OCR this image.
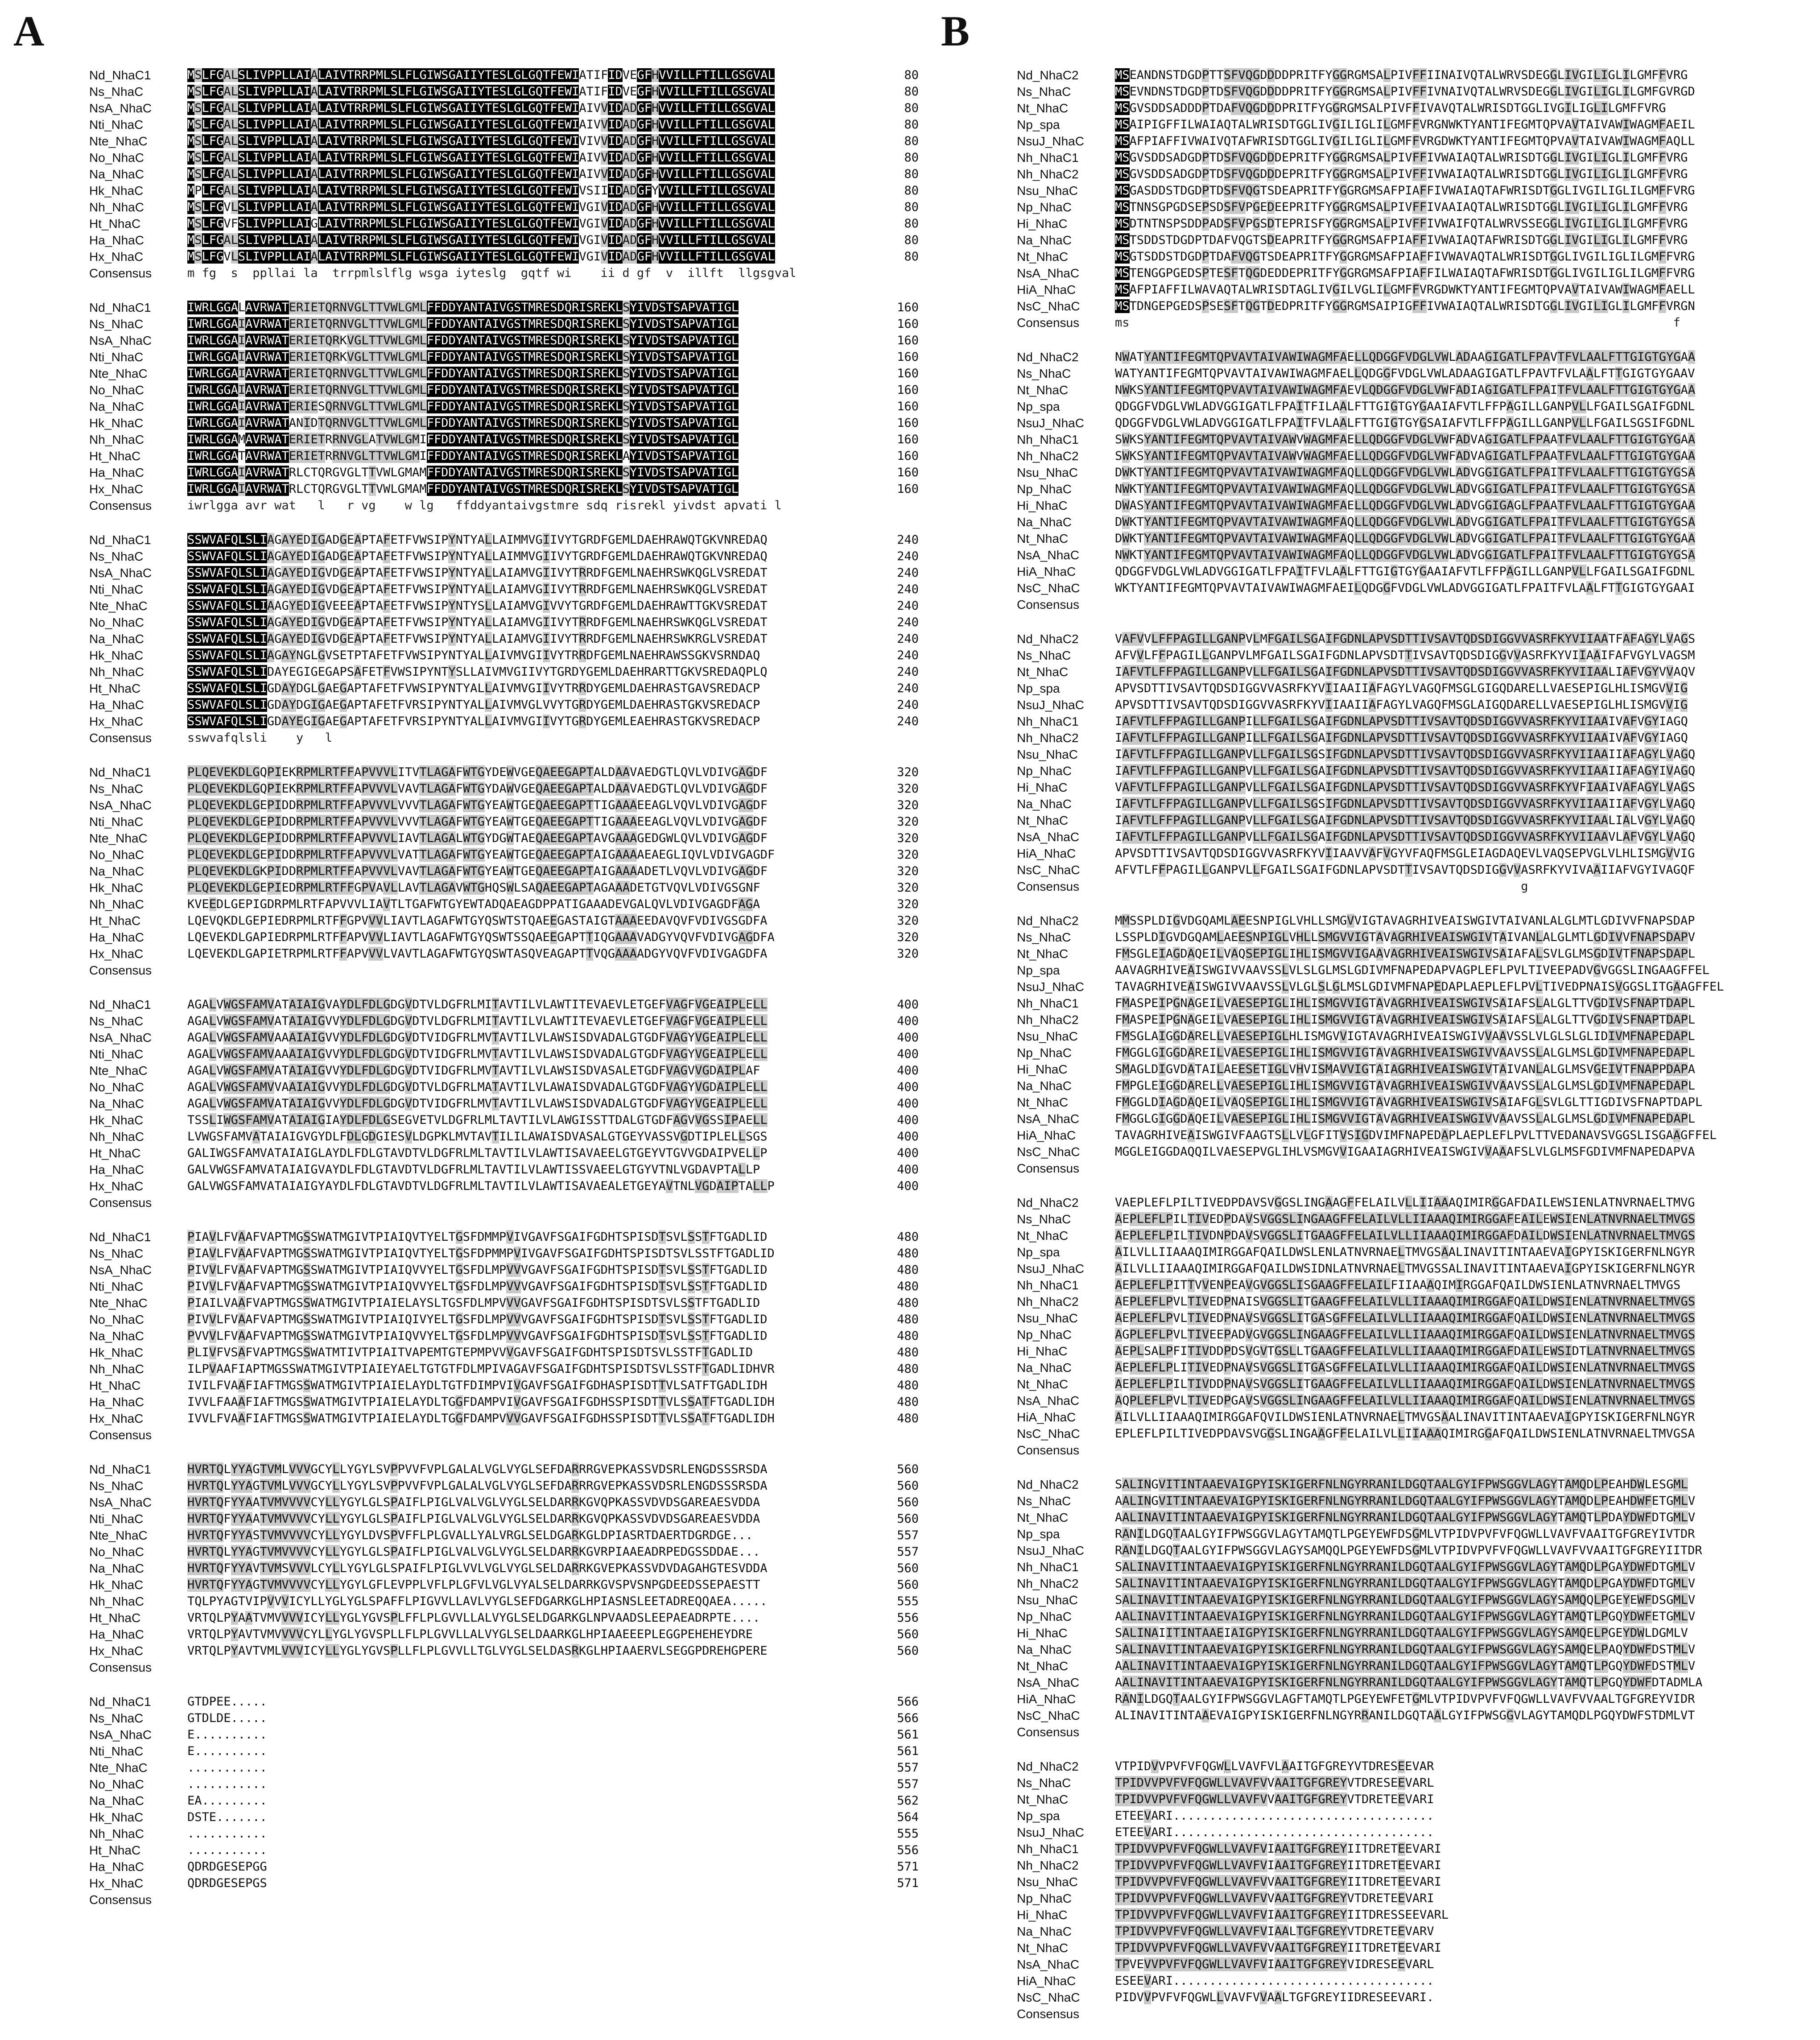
A
Nd_NhaC1	MSLFGALSLIVPPLLAIALAIVTRRPMLSLFLGIWSGAIIYTESLGLGQTFEWIATIFIDVEGFHVVILLFTILLGSGVAL	80
Ns_NhaC	MSLFGALSLIVPPLLAIALAIVTRRPMLSLFLGIWSGAIIYTESLGLGQTFEWIATIFIDVEGFHVVILLFTILLGSGVAL	80
NsA_NhaC	MSLFGALSLIVPPLLAIALAIVTRRPMLSLFLGIWSGAIIYTESLGLGQTFEWIAIVVIDADGFHVVILLFTILLGSGVAL	80
Nti_NhaC	MSLFGALSLIVPPLLAIALAIVTRRPMLSLFLGIWSGAIIYTESLGLGQTFEWIAIVVIDADGFHVVILLFTILLGSGVAL	80
Nte_NhaC	MSLFGALSLIVPPLLAIALAIVTRRPMLSLFLGIWSGAIIYTESLGLGQTFEWIVIVVIDADGFHVVILLFTILLGSGVAL	80
No_NhaC	MSLFGALSLIVPPLLAIALAIVTRRPMLSLFLGIWSGAIIYTESLGLGQTFEWIAIVVIDADGFHVVILLFTILLGSGVAL	80
Na_NhaC	MSLFGALSLIVPPLLAIALAIVTRRPMLSLFLGIWSGAIIYTESLGLGQTFEWIAIVVIDADGFHVVILLFTILLGSGVAL	80
Hk_NhaC	MPLFGALSLIVPPLLAIALAIVTRRPMLSLFLGIWSGAIIYTESLGLGQTFEWIVSIIIDADGFYVVILLFTILLGSGVAL	80
Nh_NhaC	MSLFGVLSLIVPPLLAIALAIVTRRPMLSLFLGIWSGAIIYTESLGLGQTFEWIVGIVIDADGFHVVILLFTILLGSGVAL	80
Ht_NhaC	MSLFGVFSLIVPPLLAIGLAIVTRRPMLSLFLGIWSGAIIYTESLGLGQTFEWIVGIVIDADGFHVVILLFTILLGSGVAL	80
Ha_NhaC	MSLFGALSLIVPPLLAIALAIVTRRPMLSLFLGIWSGAIIYTESLGLGQTFEWIVGIVIDADGFHVVILLFTILLGSGVAL	80
Hx_NhaC	MSLFGVLSLIVPPLLAIALAIVTRRPMLSLFLGIWSGAIIYTESLGLGQTFEWIVGIVIDADGFHVVILLFTILLGSGVAL	80
Consensus	m fg  s  ppllai la  trrpmlslflg wsga iyteslg  gqtf wi    ii d gf  v  illft  llgsgval
Nd_NhaC1	IWRLGGALAVRWATERIETQRNVGLTTVWLGMLFFDDYANTAIVGSTMRESDQRISREKLSYIVDSTSAPVATIGL	160
Ns_NhaC	IWRLGGAIAVRWATERIETQRNVGLTTVWLGMLFFDDYANTAIVGSTMRESDQRISREKLSYIVDSTSAPVATIGL	160
NsA_NhaC	IWRLGGAIAVRWATERIETQRKVGLTTVWLGMLFFDDYANTAIVGSTMRESDQRISREKLSYIVDSTSAPVATIGL	160
Nti_NhaC	IWRLGGAIAVRWATERIETQRKVGLTTVWLGMLFFDDYANTAIVGSTMRESDQRISREKLSYIVDSTSAPVATIGL	160
Nte_NhaC	IWRLGGAIAVRWATERIETQRNVGLTTVWLGMLFFDDYANTAIVGSTMRESDQRISREKLSYIVDSTSAPVATIGL	160
No_NhaC	IWRLGGAIAVRWATERIETQRNVGLTTVWLGMLFFDDYANTAIVGSTMRESDQRISREKLSYIVDSTSAPVATIGL	160
Na_NhaC	IWRLGGAIAVRWATERIESQRNVGLTTVWLGMLFFDDYANTAIVGSTMRESDQRISREKLSYIVDSTSAPVATIGL	160
Hk_NhaC	IWRLGGAIAVRWATANIDTQRNVGLTTVWLGMLFFDDYANTAIVGSTMRESDQRISREKLSYIVDSTSAPVATIGL	160
Nh_NhaC	IWRLGGAMAVRWATERIETRRNVGLATVWLGMIFFDDYANTAIVGSTMRESDQRISREKLSYIVDSTSAPVATIGL	160
Ht_NhaC	IWRLGGATAVRWATERIETRRNVGLTTVWLGMIFFDDYANTAIVGSTMRESDQRISREKLAYIVDSTSAPVATIGL	160
Ha_NhaC	IWRLGGAIAVRWATRLCTQRGVGLTTVWLGMAMFFDDYANTAIVGSTMRESDQRISREKLSYIVDSTSAPVATIGL	160
Hx_NhaC	IWRLGGAIAVRWATRLCTQRGVGLTTVWLGMAMFFDDYANTAIVGSTMRESDQRISREKLSYIVDSTSAPVATIGL	160
Consensus	iwrlgga avr wat   l   r vg    w lg   ffddyantaivgstmre sdq risrekl yivdst apvati l
Nd_NhaC1	SSWVAFQLSLIAGAYEDIGADGEAPTAFETFVWSIPYNTYALLAIMMVGIIVYTGRDFGEMLDAEHRAWQTGKVNREDAQ	240
Ns_NhaC	SSWVAFQLSLIAGAYEDIGADGEAPTAFETFVWSIPYNTYALLAIMMVGIIVYTGRDFGEMLDAEHRAWQTGKVNREDAQ	240
NsA_NhaC	SSWVAFQLSLIAGAYEDIGVDGEAPTAFETFVWSIPYNTYALLAIAMVGIIVYTRRDFGEMLNAEHRSWKQGLVSREDAT	240
Nti_NhaC	SSWVAFQLSLIAGAYEDIGVDGEAPTAFETFVWSIPYNTYALLAIAMVGIIVYTRRDFGEMLNAEHRSWKQGLVSREDAT	240
Nte_NhaC	SSWVAFQLSLIAAGYEDIGVEEEAPTAFETFVWSIPYNTYSLLAIAMVGIVVYTGRDFGEMLDAEHRAWTTGKVSREDAT	240
No_NhaC	SSWVAFQLSLIAGAYEDIGVDGEAPTAFETFVWSIPYNTYALLAIAMVGIIVYTRRDFGEMLNAEHRSWKQGLVSREDAT	240
Na_NhaC	SSWVAFQLSLIAGAYEDIGVDGEAPTAFETFVWSIPYNTYALLAIAMVGIIVYTRRDFGEMLNAEHRSWKRGLVSREDAT	240
Hk_NhaC	SSWVAFQLSLIAGAYNGLGVSETPTAFETFVWSIPYNTYALLAIVMVGIIVYTRRDFGEMLNAEHRAWSSGKVSRNDAQ	240
Nh_NhaC	SSWVAFQLSLIDAYEGIGEGAPSAFETFVWSIPYNTYSLLAIVMVGIIVYTGRDYGEMLDAEHRARTTGKVSREDAQPLQ	240
Ht_NhaC	SSWVAFQLSLIGDAYDGLGAEGAPTAFETFVWSIPYNTYALLAIVMVGIIVYTRRDYGEMLDAEHRASTGAVSREDACP	240
Ha_NhaC	SSWVAFQLSLIGDAYDGIGAEGAPTAFETFVRSIPYNTYALLAIVMVGLVVYTGRDYGEMLDAEHRASTGKVSREDACP	240
Hx_NhaC	SSWVAFQLSLIGDAYEGIGAEGAPTAFETFVRSIPYNTYALLAIVMVGIIVYTGRDYGEMLEAEHRASTGKVSREDACP	240
Consensus	sswvafqlsli    y   l
Nd_NhaC1	PLQEVEKDLGQPIEKRPMLRTFFAPVVVLITVTLAGAFWTGYDEWVGEQAEEGAPTALDAAVAEDGTLQVLVDIVGAGDF	320
Ns_NhaC	PLQEVEKDLGQPIEKRPMLRTFFAPVVVLVAVTLAGAFWTGYDAWVGEQAEEGAPTALDAAVAEDGTLQVLVDIVGAGDF	320
NsA_NhaC	PLQEVEKDLGEPIDDRPMLRTFFAPVVVLVVVTLAGAFWTGYEAWTGEQAEEGAPTTIGAAAEEAGLVQVLVDIVGAGDF	320
Nti_NhaC	PLQEVEKDLGEPIDDRPMLRTFFAPVVVLVVVTLAGAFWTGYEAWTGEQAEEGAPTTIGAAAEEAGLVQVLVDIVGAGDF	320
Nte_NhaC	PLQEVEKDLGEPIDDRPMLRTFFAPVVVLIAVTLAGALWTGYDGWTAEQAEEGAPTAVGAAAGEDGWLQVLVDIVGAGDF	320
No_NhaC	PLQEVEKDLGEPIDDRPMLRTFFAPVVVLVATTLAGAFWTGYEAWTGEQAEEGAPTAIGAAAAEAEGLIQVLVDIVGAGDF	320
Na_NhaC	PLQEVEKDLGKPIDDRPMLRTFFAPVVVLVAVTLAGAFWTGYEAWTGEQAEEGAPTAIGAAAADETLVQVLVDIVGAGDF	320
Hk_NhaC	PLQEVEKDLGEPIEDRPMLRTFFGPVAVLLAVTLAGAVWTGHQSWLSAQAEEGAPTAGAAADETGTVQVLVDIVGSGNF	320
Nh_NhaC	KVEEDLGEPIGDRPMLRTFAPVVVLIAVTLTGAFWTGYEWTADQAEAGDPPATIGAAADEVGALQVLVDIVGAGDFAGA	320
Ht_NhaC	LQEVQKDLGEPIEDRPMLRTFFGPVVVLIAVTLAGAFWTGYQSWTSTQAEEGASTAIGTAAAEEDAVQVFVDIVGSGDFA	320
Ha_NhaC	LQEVEKDLGAPIEDRPMLRTFFAPVVVLIAVTLAGAFWTGYQSWTSSQAEEGAPTTIQGAAAVADGYVQVFVDIVGAGDFA	320
Hx_NhaC	LQEVEKDLGAPIETRPMLRTFFAPVVVLVAVTLAGAFWTGYQSWTASQVEAGAPTTVQGAAAADGYVQVFVDIVGAGDFA	320
Consensus
Nd_NhaC1	AGALVWGSFAMVATAIAIGVAYDLFDLGDGVDTVLDGFRLMITAVTILVLAWTITEVAEVLETGEFVAGFVGEAIPLELL	400
Ns_NhaC	AGALVWGSFAMVATAIAIGVVYDLFDLGDGVDTVLDGFRLMITAVTILVLAWTITEVAEVLETGEFVAGFVGEAIPLELL	400
NsA_NhaC	AGALVWGSFAMVAAAIAIGVVYDLFDLGDGVDTVIDGFRLMVTAVTILVLAWSISDVADALGTGDFVAGYVGEAIPLELL	400
Nti_NhaC	AGALVWGSFAMVAAAIAIGVVYDLFDLGDGVDTVIDGFRLMVTAVTILVLAWSISDVADALGTGDFVAGYVGEAIPLELL	400
Nte_NhaC	AGALVWGSFAMVATAIAIGVVYDLFDLGDGVDTVIDGFRLMVTAVTILVLAWSISDVASALETGDFVAGVVGDAIPLAF	400
No_NhaC	AGALVWGSFAMVVAAIAIGVVYDLFDLGDGVDTVLDGFRLMATAVTILVLAWAISDVADALGTGDFVAGYVGDAIPLELL	400
Na_NhaC	AGALVWGSFAMVATAIAIGVVYDLFDLGDGVDTVIDGFRLMVTAVTILVLAWSISDVADALGTGDFVAGYVGEAIPLELL	400
Hk_NhaC	TSSLIWGSFAMVATAIAIGIAYDLFDLGSEGVETVLDGFRLMLTAVTILVLAWGISSTTDALGTGDFAGVVGSSIPAELL	400
Nh_NhaC	LVWGSFAMVATAIAIGVGYDLFDLGDGIESVLDGPKLMVTAVTILILAWAISDVASALGTGEYVASSVGDTIPLELLSGS	400
Ht_NhaC	GALIWGSFAMVATAIAIGLAYDLFDLGTAVDTVLDGFRLMLTAVTILVLAWTISAVAEELGTGEYVTGVVGDAIPVELLP	400
Ha_NhaC	GALVWGSFAMVATAIAIGVAYDLFDLGTAVDTVLDGFRLMLTAVTILVLAWTISSVAEELGTGYVTNLVGDAVPTALLP	400
Hx_NhaC	GALVWGSFAMVATAIAIGYAYDLFDLGTAVDTVLDGFRLMLTAVTILVLAWTISAVAEALETGEYAVTNLVGDAIPTALLP	400
Consensus
Nd_NhaC1	PIAVLFVAAFVAPTMGSSWATMGIVTPIAIQVTYELTGSFDMMPVIVGAVFSGAIFGDHTSPISDTSVLSSTFTGADLID	480
Ns_NhaC	PIAVLFVAAFVAPTMGSSWATMGIVTPIAIQVTYELTGSFDPMMPVIVGAVFSGAIFGDHTSPISDTSVLSSTFTGADLID	480
NsA_NhaC	PIVVLFVAAFVAPTMGSSWATMGIVTPIAIQVVYELTGSFDLMPVVVGAVFSGAIFGDHTSPISDTSVLSSTFTGADLID	480
Nti_NhaC	PIVVLFVAAFVAPTMGSSWATMGIVTPIAIQVVYELTGSFDLMPVVVGAVFSGAIFGDHTSPISDTSVLSSTFTGADLID	480
Nte_NhaC	PIAILVAAFVAPTMGSSWATMGIVTPIAIELAYSLTGSFDLMPVVVGAVFSGAIFGDHTSPISDTSVLSSTFTGADLID	480
No_NhaC	PIVVLFVAAFVAPTMGSSWATMGIVTPIAIQIVYELTGSFDLMPVVVGAVFSGAIFGDHTSPISDTSVLSSTFTGADLID	480
Na_NhaC	PVVVLFVAAFVAPTMGSSWATMGIVTPIAIQVVYELTGSFDLMPVVVGAVFSGAIFGDHTSPISDTSVLSSTFTGADLID	480
Hk_NhaC	PLIVFVSAFVAPTMGSSWATMTIVTPIAITVAPEMTGTEPMPVVVGAVFSGAIFGDHTSPISDTSVLSSTFTGADLID	480
Nh_NhaC	ILPVAAFIAPTMGSSWATMGIVTPIAIEYAELTGTGTFDLMPIVAGAVFSGAIFGDHTSPISDTSVLSSTFTGADLIDHVR	480
Ht_NhaC	IVILFVAAFIAFTMGSSWATMGIVTPIAIELAYDLTGTFDIMPVIVGAVFSGAIFGDHASPISDTTVLSATFTGADLIDH	480
Ha_NhaC	IVVLFAAAFIAFTMGSSWATMGIVTPIAIELAYDLTGGFDAMPVIVGAVFSGAIFGDHSSPISDTTVLSSATFTGADLIDH	480
Hx_NhaC	IVVLFVAAFIAFTMGSSWATMGIVTPIAIELAYDLTGGFDAMPVVVGAVFSGAIFGDHSSPISDTTVLSSATFTGADLIDH	480
Consensus
Nd_NhaC1	HVRTQLYYAGTVMLVVVGCYLLYGYLSVPPVVFVPLGALALVGLVYGLSEFDARRRGVEPKASSVDSRLENGDSSSRSDA	560
Ns_NhaC	HVRTQLYYAGTVMLVVVGCYLLYGYLSVPPVVFVPLGALALVGLVYGLSEFDARRRGVEPKASSVDSRLENGDSSSRSDA	560
NsA_NhaC	HVRTQFYYAATVMVVVVCYLLYGYLGLSPAIFLPIGLVALVGLVYGLSELDARRKGVQPKASSVDVDSGAREAESVDDA	560
Nti_NhaC	HVRTQFYYAATVMVVVVCYLLYGYLGLSPAIFLPIGLVALVGLVYGLSELDARRKGVQPKASSVDVDSGAREAESVDDA	560
Nte_NhaC	HVRTQFYYASTVMVVVVCYLLYGYLDVSPVFFLPLGVALLYALVRGLSELDGARKGLDPIASRTDAERTDGRDGE...	557
No_NhaC	HVRTQLYYAGTVMVVVVCYLLYGYLGLSPAIFLPIGLVALVGLVYGLSELDARRKGVRPIAAEADRPEDGSSDDAE...	557
Na_NhaC	HVRTQFYYAVTVMSVVVLCYLLYGYLGLSPAIFLPIGLVVLVGLVYGLSELDARRKGVEPKASSVDVDAGAHGTESVDDA	560
Hk_NhaC	HVRTQFYYAGTVMVVVVCYLLYGYLGFLEVPPLVFLPLGFVLVGLVYALSELDARRKGVSPVSNPGDEEDSSEPAESTT	560
Nh_NhaC	TQLPYAGTVIPVVVICYLLYGLYGLSPAFFLPIGVVLLAVLVYGLSEFDGARKGLHPIASNSLEETADREQQAEA.....	555
Ht_NhaC	VRTQLPYAATVMVVVVICYLLYGLYGVSPLFFLPLGVVLLALVYGLSELDGARKGLNPVAADSLEEPAEADRPTE....	556
Ha_NhaC	VRTQLPYAVTVMVVVVCYLLYGLYGVSPLLFLPLGVVLLALVYGLSELDAARKGLHPIAAEEEPLEGGPEHEHEYDRE	560
Hx_NhaC	VRTQLPYAVTVMLVVVICYLLYGLYGVSPLLFLPLGVVLLTGLVYGLSELDASRKGLHPIAAERVLSEGGPDREHGPERE	560
Consensus
Nd_NhaC1	GTDPEE.....	566
Ns_NhaC	GTDLDE.....	566
NsA_NhaC	E..........	561
Nti_NhaC	E..........	561
Nte_NhaC	...........	557
No_NhaC	...........	557
Na_NhaC	EA.........	562
Hk_NhaC	DSTE.......	564
Nh_NhaC	...........	555
Ht_NhaC	...........	556
Ha_NhaC	QDRDGESEPGG	571
Hx_NhaC	QDRDGESEPGS	571
Consensus
B
Nd_NhaC2	MSEANDNSTDGDPTTSFVQGDDDDPRITFYGGRGMSALPIVFFIINAIVQTALWRVSDEGGLIVGILIGLILGMFFVRG
Ns_NhaC	MSEVNDNSTDGDPTDSFVQGDDDDPRITFYGGRGMSALPIVFFIVNAIVQTALWRVSDEGGLIVGILIGLILGMFGVRGD
Nt_NhaC	MSGVSDDSADDDPTDAFVQGDDDPRITFYGGRGMSALPIVFFIVAVQTALWRISDTGGLIVGILIGLILGMFFVRG
Np_spa	MSAIPIGFFILWAIAQTALWRISDTGGLIVGILIGLILGMFFVRGNWKTYANTIFEGMTQPVAVTAIVAWIWAGMFAEIL
NsuJ_NhaC	MSAFPIAFFIVWAIVQTAFWRISDTGGLIVGILIGLILGMFFVRGDWKTYANTIFEGMTQPVAVTAIVAWIWAGMFAQLL
Nh_NhaC1	MSGVSDDSADGDPTDSFVQGDDDEPRITFYGGRGMSALPIVFFIVWAIAQTALWRISDTGGLIVGILIGLILGMFFVRG
Nh_NhaC2	MSGVSDDSADGDPTDSFVQGDDDEPRITFYGGRGMSALPIVFFIVWAIAQTALWRISDTGGLIVGILIGLILGMFFVRG
Nsu_NhaC	MSGASDDSTDGDPTDSFVQGTSDEAPRITFYGGRGMSAFPIAFFIVWAIAQTAFWRISDTGGLIVGILIGLILGMFFVRG
Np_NhaC	MSTNNSGPGDSEPSDSFVPGEDEEPRITFYGGRGMSALPIVFFIVAAIAQTALWRISDTGGLIVGILIGLILGMFFVRG
Hi_NhaC	MSDTNTNSPSDDPADSFVPGSDTEPRISFYGGRGMSALPIVFFIVWAIFQTALWRVSSEGGLIVGILIGLILGMFFVRG
Na_NhaC	MSTSDDSTDGDPTDAFVQGTSDEAPRITFYGGRGMSAFPIAFFIVWAIAQTAFWRISDTGGLIVGILIGLILGMFFVRG
Nt_NhaC	MSGTSDDSTDGDPTDAFVQGTSDEAPRITFYGGRGMSAFPIAFFIVWAVAQTALWRISDTGGLIVGILIGLILGMFFVRG
NsA_NhaC	MSTENGGPGEDSPTESFTQGDEDDEPRITFYGGRGMSAFPIAFFILWAIAQTAFWRISDTGGLIVGILIGLILGMFFVRG
HiA_NhaC	MSAFPIAFFILWAVAQTALWRISDTAGLIVGILVGLILGMFFVRGDWKTYANTIFEGMTQPVAVTAIVAWIWAGMFAELL
NsC_NhaC	MSTDNGEPGEDSPSESFTQGTDEDPRITFYGGRGMSAIPIGFFIVWAIAQTALWRISDTGGLIVGILIGLILGMFFVRGN
Consensus	ms                                                                           f
Nd_NhaC2	NWATYANTIFEGMTQPVAVTAIVAWIWAGMFAELLQDGGFVDGLVWLADAAGIGATLFPAVTFVLAALFTTGIGTGYGAA
Ns_NhaC	WATYANTIFEGMTQPVAVTAIVAWIWAGMFAELLQDGGFVDGLVWLADAAGIGATLFPAVTFVLAALFTTGIGTGYGAAV
Nt_NhaC	NWKSYANTIFEGMTQPVAVTAIVAWIWAGMFAEVLQDGGFVDGLVWFADIAGIGATLFPAITFVLAALFTTGIGTGYGAA
Np_spa	QDGGFVDGLVWLADVGGIGATLFPAITFILAALFTTGIGTGYGAAIAFVTLFFPAGILLGANPVLLFGAILSGAIFGDNL
NsuJ_NhaC	QDGGFVDGLVWLADVGGIGATLFPAITFVLAALFTTGIGTGYGSAIAFVTLFFPAGILLGANPVLLFGAILSGSIFGDNL
Nh_NhaC1	SWKSYANTIFEGMTQPVAVTAIVAWVWAGMFAELLQDGGFVDGLVWFADVAGIGATLFPAATFVLAALFTTGIGTGYGAA
Nh_NhaC2	SWKSYANTIFEGMTQPVAVTAIVAWVWAGMFAELLQDGGFVDGLVWFADVAGIGATLFPAATFVLAALFTTGIGTGYGAA
Nsu_NhaC	DWKTYANTIFEGMTQPVAVTAIVAWIWAGMFAQLLQDGGFVDGLVWLADVGGIGATLFPAITFVLAALFTTGIGTGYGSA
Np_NhaC	NWKTYANTIFEGMTQPVAVTAIVAWIWAGMFAQLLQDGGFVDGLVWLADVGGIGATLFPAITFVLAALFTTGIGTGYGSA
Hi_NhaC	DWASYANTIFEGMTQPVAVTAIVAWIWAGMFAELLQDGGFVDGLVWLADVGGIGAGLFPAATFVLAALFTTGIGTGYGAA
Na_NhaC	DWKTYANTIFEGMTQPVAVTAIVAWIWAGMFAQLLQDGGFVDGLVWLADVGGIGATLFPAITFVLAALFTTGIGTGYGSA
Nt_NhaC	DWKTYANTIFEGMTQPVAVTAIVAWIWAGMFAQLLQDGGFVDGLVWLADVGGIGATLFPAITFVLAALFTTGIGTGYGAA
NsA_NhaC	NWKTYANTIFEGMTQPVAVTAIVAWIWAGMFAQLLQDGGFVDGLVWLADVGGIGATLFPAITFVLAALFTTGIGTGYGSA
HiA_NhaC	QDGGFVDGLVWLADVGGIGATLFPAITFVLAALFTTGIGTGYGAAIAFVTLFFPAGILLGANPVLLFGAILSGAIFGDNL
NsC_NhaC	WKTYANTIFEGMTQPVAVTAIVAWIWAGMFAEILQDGGFVDGLVWLADVGGIGATLFPAITFVLAALFTTGIGTGYGAAI
Consensus
Nd_NhaC2	VAFVVLFFPAGILLGANPVLMFGAILSGAIFGDNLAPVSDTTIVSAVTQDSDIGGVVASRFKYVIIAATFAFAGYLVAGS
Ns_NhaC	AFVVLFFPAGILLGANPVLMFGAILSGAIFGDNLAPVSDTTIVSAVTQDSDIGGVVASRFKYVIIAAIFAFVGYLVAGSM
Nt_NhaC	IAFVTLFFPAGILLGANPVLLFGAILSGAIFGDNLAPVSDTTIVSAVTQDSDIGGVVASRFKYVIIAALIAFVGYVVAQV
Np_spa	APVSDTTIVSAVTQDSDIGGVVASRFKYVIIAAIIAFAGYLVAGQFMSGLGIGQDARELLVAESEPIGLHLISMGVVIG
NsuJ_NhaC	APVSDTTIVSAVTQDSDIGGVVASRFKYVIIAAIIAFAGYLVAGQFMSGLAIGQDARELLVAESEPIGLHLISMGVVIG
Nh_NhaC1	IAFVTLFFPAGILLGANPILLFGAILSGAIFGDNLAPVSDTTIVSAVTQDSDIGGVVASRFKYVIIAAIVAFVGYIAGQ
Nh_NhaC2	IAFVTLFFPAGILLGANPILLFGAILSGAIFGDNLAPVSDTTIVSAVTQDSDIGGVVASRFKYVIIAAIVAFVGYIAGQ
Nsu_NhaC	IAFVTLFFPAGILLGANPVLLFGAILSGSIFGDNLAPVSDTTIVSAVTQDSDIGGVVASRFKYVIIAAIIAFAGYLVAGQ
Np_NhaC	IAFVTLFFPAGILLGANPVLLFGAILSGAIFGDNLAPVSDTTIVSAVTQDSDIGGVVASRFKYVIIAAIIAFAGYIVAGQ
Hi_NhaC	VAFVTLFFPAGILLGANPVLLFGAILSGAIFGDNLAPVSDTTIVSAVTQDSDIGGVVASRFKYVFIAAIVAFAGYLVAGS
Na_NhaC	IAFVTLFFPAGILLGANPVLLFGAILSGSIFGDNLAPVSDTTIVSAVTQDSDIGGVVASRFKYVIIAAIIAFVGYLVAGQ
Nt_NhaC	IAFVTLFFPAGILLGANPVLLFGAILSGAIFGDNLAPVSDTTIVSAVTQDSDIGGVVASRFKYVIIAALIALVGYLVAGQ
NsA_NhaC	IAFVTLFFPAGILLGANPVLLFGAILSGAIFGDNLAPVSDTTIVSAVTQDSDIGGVVASRFKYVIIAAVLAFVGYLVAGQ
HiA_NhaC	APVSDTTIVSAVTQDSDIGGVVASRFKYVIIAAVVAFVGYVFAQFMSGLEIAGDAQEVLVAQSEPVGLVLHLISMGVVIG
NsC_NhaC	AFVTLFFPAGILLGANPVLLFGAILSGAIFGDNLAPVSDTTIVSAVTQDSDIGGVVASRFKYVIVAAIIAFVGYIVAGQF
Consensus	g
Nd_NhaC2	MMSSPLDIGVDGQAMLAEESNPIGLVHLLSMGVVIGTAVAGRHIVEAISWGIVTAIVANLALGLMTLGDIVVFNAPSDAP
Ns_NhaC	LSSPLDIGVDGQAMLAEESNPIGLVHLLSMGVVIGTAVAGRHIVEAISWGIVTAIVANLALGLMTLGDIVVFNAPSDAPV
Nt_NhaC	FMSGLEIAGDAQEILVAQSEPIGLIHLISMGVVIGAAVAGRHIVEAISWGIVSAIAFALSVLGLMSGDIVTFNAPSDAPL
Np_spa	AAVAGRHIVEAISWGIVVAAVSSLVLSLGLMSLGDIVMFNAPEDAPVAGPLEFLPVLTIVEEPADVGVGGSLINGAAGFFEL
NsuJ_NhaC	TAVAGRHIVEAISWGIVVAAVSSLVLGLSLGLMSLGDIVMFNAPEDAPLAEPLEFLPVLTIVEDPNAISVGGSLITGAAGFFEL
Nh_NhaC1	FMASPEIPGNAGEILVAESEPIGLIHLISMGVVIGTAVAGRHIVEAISWGIVSAIAFSLALGLTTVGDIVSFNAPTDAPL
Nh_NhaC2	FMASPEIPGNAGEILVAESEPIGLIHLISMGVVIGTAVAGRHIVEAISWGIVSAIAFSLALGLTTVGDIVSFNAPTDAPL
Nsu_NhaC	FMSGLAIGGDARELLVAESEPIGLHLISMGVVIGTAVAGRHIVEAISWGIVVAAVSSLVLGLSLGLIDIVMFNAPEDAPL
Np_NhaC	FMGGLGIGGDAREILVAESEPIGLIHLISMGVVIGTAVAGRHIVEAISWGIVVAAVSSLALGLMSLGDIVMFNAPEDAPL
Hi_NhaC	SMAGLDIGVDATAILAEESETIGLVHVISMAVVIGTAIAGRHIVEAISWGIVTAIVANLALGLMSVGEIVTFNAPPDAPA
Na_NhaC	FMPGLEIGGDARELLVAESEPIGLIHLISMGVVIGTAVAGRHIVEAISWGIVVAAVSSLALGLMSLGDIVMFNAPEDAPL
Nt_NhaC	FMGGLDIAGDAQEILVAQSEPIGLIHLISMGVVIGTAVAGRHIVEAISWGIVSAIAFGLSVLGLTTIGDIVSFNAPTDAPL
NsA_NhaC	FMGGLGIGGDAQEILVAESEPIGLIHLISMGVVIGTAVAGRHIVEAISWGIVVAAVSSLALGLMSLGDIVMFNAPEDAPL
HiA_NhaC	TAVAGRHIVEAISWGIVFAAGTSLLVLGFITVSIGDVIMFNAPEDAPLAEPLEFLPVLTTVEDANAVSVGGSLISGAAGFFEL
NsC_NhaC	MGGLEIGGDAQQILVAESEPVGLIHLVSMGVVIGAAIAGRHIVEAISWGIVVAAAFSLVLGLMSFGDIVMFNAPEDAPVA
Consensus
Nd_NhaC2	VAEPLEFLPILTIVEDPDAVSVGGSLINGAAGFFELAILVLLIIAAAQIMIRGGAFDAILEWSIENLATNVRNAELTMVG
Ns_NhaC	AEPLEFLPILTIVEDPDAVSVGGSLINGAAGFFELAILVLLIIAAAQIMIRGGAFEAILEWSIENLATNVRNAELTMVGS
Nt_NhaC	AEPLEFLPILTIVDNPDAVSVGGSLITGAAGFFELAILVLLIIAAAQIMIRGGAFDAILDWSIENLATNVRNAELTMVGS
Np_spa	AILVLLIIAAAQIMIRGGAFQAILDWSLENLATNVRNAELTMVGSAALINAVITINTAAEVAIGPYISKIGERFNLNGYR
NsuJ_NhaC	AILVLLIIAAAQIMIRGGAFQAILDWSIDNLATNVRNAELTMVGSSALINAVITINTAAEVAIGPYISKIGERFNLNGYR
Nh_NhaC1	AEPLEFLPITTVVENPEAVGVGGSLISGAAGFFELAILFIIAAAQIMIRGGAFQAILDWSIENLATNVRNAELTMVGS
Nh_NhaC2	AEPLEFLPVLTIVEDPNAISVGGSLITGAAGFFELAILVLLIIAAAQIMIRGGAFQAILDWSIENLATNVRNAELTMVGS
Nsu_NhaC	AEPLEFLPVLTIVEDPNAVSVGGSLITGASGFFELAILVLLIIAAAQIMIRGGAFQAILDWSIENLATNVRNAELTMVGS
Np_NhaC	AGPLEFLPVLTIVEEPADVGVGGSLINGAAGFFELAILVLLIIAAAQIMIRGGAFQAILDWSIENLATNVRNAELTMVGS
Hi_NhaC	AEPLSALPFITIVDDPDSVGVTGSLLTGAAGFFELAILVLLIIAAAQIMIRGGAFDAILEWSIDTLATNVRNAELTMVGS
Na_NhaC	AEPLEFLPLITIVEDPNAVSVGGSLITGASGFFELAILVLLIIAAAQIMIRGGAFQAILDWSIENLATNVRNAELTMVGS
Nt_NhaC	AEPLEFLPILTIVDDPNAVSVGGSLITGAAGFFELAILVLLIIAAAQIMIRGGAFQAILDWSIENLATNVRNAELTMVGS
NsA_NhaC	AQPLEFLPVLTIVEDPGAVSVGGSLINGAAGFFELAILVLLIIAAAQIMIRGGAFQAILDWSIENLATNVRNAELTMVGS
HiA_NhaC	AILVLLIIAAAQIMIRGGAFQVILDWSIENLATNVRNAELTMVGSAALINAVITINTAAEVAIGPYISKIGERFNLNGYR
NsC_NhaC	EPLEFLPILTIVEDPDAVSVGGSLINGAAGFFELAILVLLIIAAAQIMIRGGAFQAILDWSIENLATNVRNAELTMVGSA
Consensus
Nd_NhaC2	SALINGVITINTAAEVAIGPYISKIGERFNLNGYRRANILDGQTAALGYIFPWSGGVLAGYTAMQDLPEAHDWLESGML
Ns_NhaC	AALINGVITINTAAEVAIGPYISKIGERFNLNGYRRANILDGQTAALGYIFPWSGGVLAGYTAMQDLPEAHDWFETGMLV
Nt_NhaC	AALINAVITINTAAEVAIGPYISKIGERFNLNGYRRANILDGQTAALGYIFPWSGGVLAGYTAMQTLPDAYDWFDTGMLV
Np_spa	RANILDGQTAALGYIFPWSGGVLAGYTAMQTLPGEYEWFDSGMLVTPIDVPVFVFQGWLLVAVFVAAITGFGREYIVTDR
NsuJ_NhaC	RANILDGQTAALGYIFPWSGGVLAGYSAMQQLPGEYEWFDSGMLVTPIDVPVFVFQGWLLVAVFVVAAITGFGREYIITDR
Nh_NhaC1	SALINAVITINTAAEVAIGPYISKIGERFNLNGYRRANILDGQTAALGYIFPWSGGVLAGYTAMQDLPGAYDWFDTGMLV
Nh_NhaC2	SALINAVITINTAAEVAIGPYISKIGERFNLNGYRRANILDGQTAALGYIFPWSGGVLAGYTAMQDLPGAYDWFDTGMLV
Nsu_NhaC	SALINAVITINTAAEVAIGPYISKIGERFNLNGYRRANILDGQTAALGYIFPWSGGVLAGYSAMQQLPGEYEWFDSGMLV
Np_NhaC	AALINAVITINTAAEVAIGPYISKIGERFNLNGYRRANILDGQTAALGYIFPWSGGVLAGYTAMQTLPGQYDWFETGMLV
Hi_NhaC	SALINAIITINTAAEIAIGPYISKIGERFNLNGYRRANILDGQTAALGYIFPWSGGVLAGYSAMQELPGEYDWLDGMLV
Na_NhaC	SALINAVITINTAAEVAIGPYISKIGERFNLNGYRRANILDGQTAALGYIFPWSGGVLAGYSAMQELPAQYDWFDSTMLV
Nt_NhaC	AALINAVITINTAAEVAIGPYISKIGERFNLNGYRRANILDGQTAALGYIFPWSGGVLAGYTAMQTLPGQYDWFDSTMLV
NsA_NhaC	AALINAVITINTAAEVAIGPYISKIGERFNLNGYRRANILDGQTAALGYIFPWSGGVLAGYTAMQTLPGQYDWFDTADMLA
HiA_NhaC	RANILDGQTAALGYIFPWSGGVLAGFTAMQTLPGEYEWFETGMLVTPIDVPVFVFQGWLLVAVFVVAALTGFGREYVIDR
NsC_NhaC	ALINAVITINTAAEVAIGPYISKIGERFNLNGYRRANILDGQTAALGYIFPWSGGVLAGYTAMQDLPGQYDWFSTDMLVT
Consensus
Nd_NhaC2	VTPIDVVPVFVFQGWLLVAVFVLAAITGFGREYVTDRESEEVAR
Ns_NhaC	TPIDVVPVFVFQGWLLVAVFVVAAITGFGREYVTDRESEEVARL
Nt_NhaC	TPIDVVPVFVFQGWLLVAVFVVAAITGFGREYVTDRETEEVARI
Np_spa	ETEEVARI....................................
NsuJ_NhaC	ETEEVARI....................................
Nh_NhaC1	TPIDVVPVFVFQGWLLVAVFVIAAITGFGREYIITDRETEEVARI
Nh_NhaC2	TPIDVVPVFVFQGWLLVAVFVIAAITGFGREYIITDRETEEVARI
Nsu_NhaC	TPIDVVPVFVFQGWLLVAVFVVAAITGFGREYIITDRETEEVARI
Np_NhaC	TPIDVVPVFVFQGWLLVAVFVVAAITGFGREYVTDRETEEVARI
Hi_NhaC	TPIDVVPVFVFQGWLLVAVFVIAAITGFGREYIITDRESSEEVARL
Na_NhaC	TPIDVVPVFVFQGWLLVAVFVIAALTGFGREYVTDRETEEVARV
Nt_NhaC	TPIDVVPVFVFQGWLLVAVFVVAAITGFGREYIITDRETEEVARI
NsA_NhaC	TPVEVVPVFVFQGWLLVAVFVIAAITGFGREYVIDRESEEVARL
HiA_NhaC	ESEEVARI....................................
NsC_NhaC	PIDVVPVFVFQGWLLVAVFVVAALTGFGREYIIDRESEEVARI.
Consensus
